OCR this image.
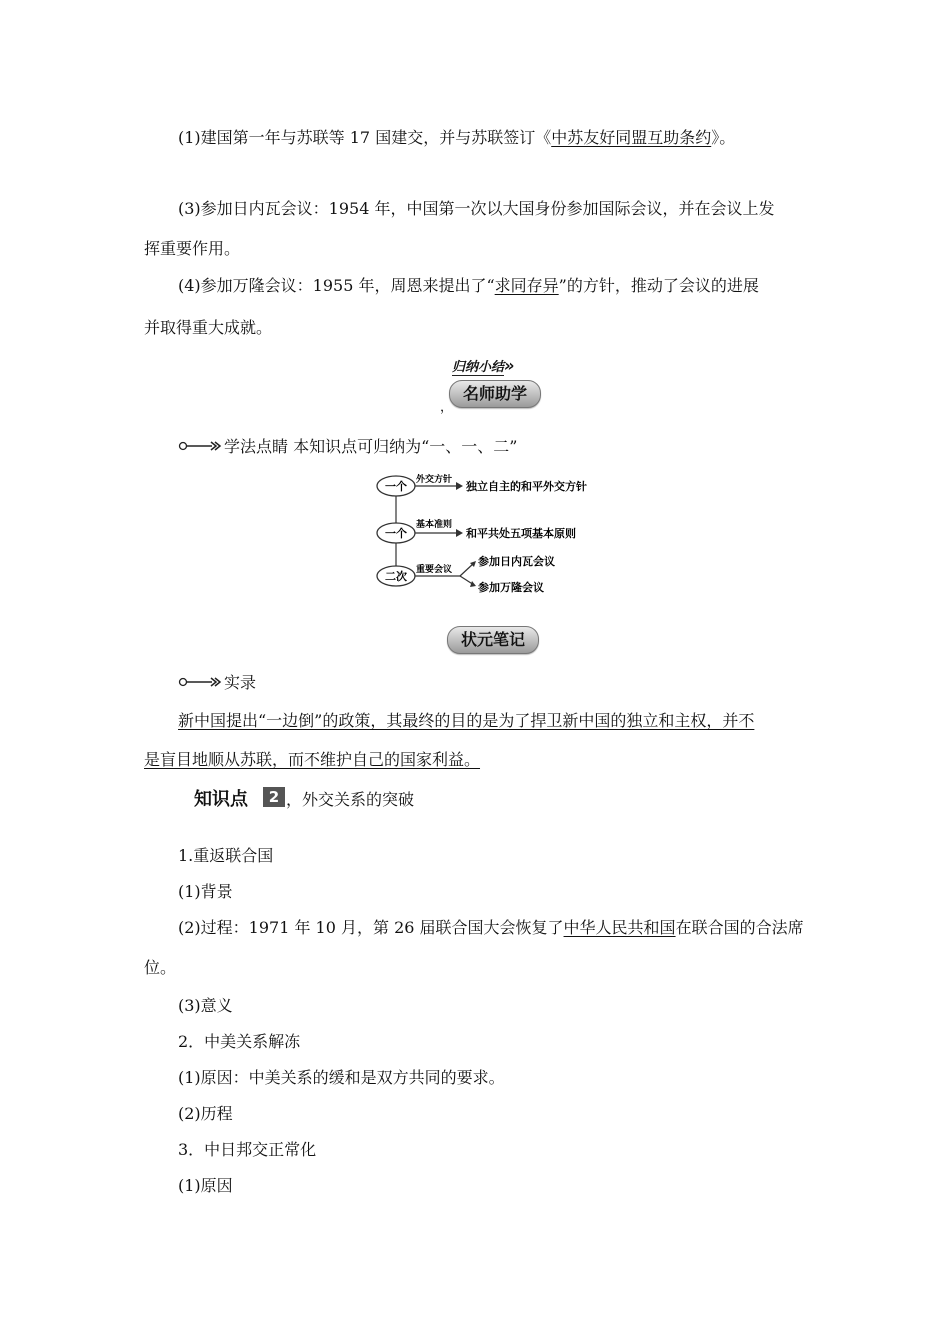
(1)建国第一年与苏联等 17 国建交，并与苏联签订《中苏友好同盟互助条约》。
(3)参加日内瓦会议：1954 年，中国第一次以大国身份参加国际会议，并在会议上发
挥重要作用。
(4)参加万隆会议：1955 年，周恩来提出了“求同存异”的方针，推动了会议的进展
并取得重大成就。
归纳小结»
名师助学
，
学法点睛 本知识点可归纳为“一、一、二”
一个 外交方针 独立自主的和平外交方针
一个
基本准则
和平共处五项基本原则
二次 重要会议
参加日内瓦会议
参加万隆会议
状元笔记
实录
新中国提出“一边倒”的政策，其最终的目的是为了捍卫新中国的独立和主权，并不
是盲目地顺从苏联，而不维护自己的国家利益。
知识点	2 ，外交关系的突破
1.重返联合国
(1)背景
(2)过程：1971 年 10 月，第 26 届联合国大会恢复了中华人民共和国在联合国的合法席
位。
(3)意义
2．中美关系解冻
(1)原因：中美关系的缓和是双方共同的要求。
(2)历程
3．中日邦交正常化
(1)原因
